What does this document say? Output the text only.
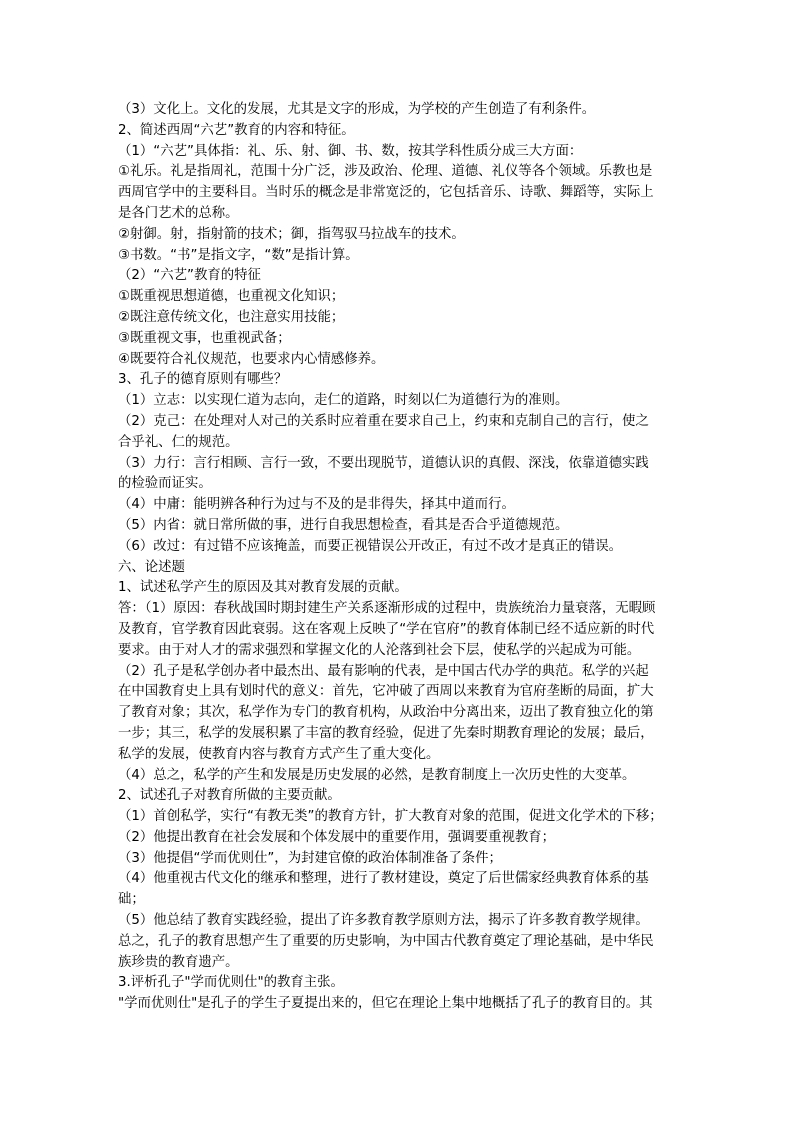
（3）文化上。文化的发展，尤其是文字的形成，为学校的产生创造了有利条件。
2、简述西周“六艺”教育的内容和特征。
（1）“六艺”具体指：礼、乐、射、御、书、数，按其学科性质分成三大方面：
①礼乐。礼是指周礼，范围十分广泛，涉及政治、伦理、道德、礼仪等各个领域。乐教也是
西周官学中的主要科目。当时乐的概念是非常宽泛的，它包括音乐、诗歌、舞蹈等，实际上
是各门艺术的总称。
②射御。射，指射箭的技术；御，指驾驭马拉战车的技术。
③书数。“书”是指文字，“数”是指计算。
（2）“六艺”教育的特征
①既重视思想道德，也重视文化知识；
②既注意传统文化，也注意实用技能；
③既重视文事，也重视武备；
④既要符合礼仪规范，也要求内心情感修养。
3、孔子的德育原则有哪些？
（1）立志：以实现仁道为志向，走仁的道路，时刻以仁为道德行为的准则。
（2）克己：在处理对人对己的关系时应着重在要求自己上，约束和克制自己的言行，使之
合乎礼、仁的规范。
（3）力行：言行相顾、言行一致，不要出现脱节，道德认识的真假、深浅，依靠道德实践
的检验而证实。
（4）中庸：能明辨各种行为过与不及的是非得失，择其中道而行。
（5）内省：就日常所做的事，进行自我思想检查，看其是否合乎道德规范。
（6）改过：有过错不应该掩盖，而要正视错误公开改正，有过不改才是真正的错误。
六、论述题
1、试述私学产生的原因及其对教育发展的贡献。
答：（1）原因：春秋战国时期封建生产关系逐渐形成的过程中，贵族统治力量衰落，无暇顾
及教育，官学教育因此衰弱。这在客观上反映了“学在官府”的教育体制已经不适应新的时代
要求。由于对人才的需求强烈和掌握文化的人沦落到社会下层，使私学的兴起成为可能。
（2）孔子是私学创办者中最杰出、最有影响的代表，是中国古代办学的典范。私学的兴起
在中国教育史上具有划时代的意义：首先，它冲破了西周以来教育为官府垄断的局面，扩大
了教育对象；其次，私学作为专门的教育机构，从政治中分离出来，迈出了教育独立化的第
一步；其三，私学的发展积累了丰富的教育经验，促进了先秦时期教育理论的发展；最后，
私学的发展，使教育内容与教育方式产生了重大变化。
（4）总之，私学的产生和发展是历史发展的必然，是教育制度上一次历史性的大变革。
2、试述孔子对教育所做的主要贡献。
（1）首创私学，实行“有教无类”的教育方针，扩大教育对象的范围，促进文化学术的下移；
（2）他提出教育在社会发展和个体发展中的重要作用，强调要重视教育；
（3）他提倡“学而优则仕”，为封建官僚的政治体制准备了条件；
（4）他重视古代文化的继承和整理，进行了教材建设，奠定了后世儒家经典教育体系的基
础；
（5）他总结了教育实践经验，提出了许多教育教学原则方法，揭示了许多教育教学规律。
总之，孔子的教育思想产生了重要的历史影响，为中国古代教育奠定了理论基础，是中华民
族珍贵的教育遗产。
3.评析孔子"学而优则仕"的教育主张。
"学而优则仕"是孔子的学生子夏提出来的，但它在理论上集中地概括了孔子的教育目的。其
